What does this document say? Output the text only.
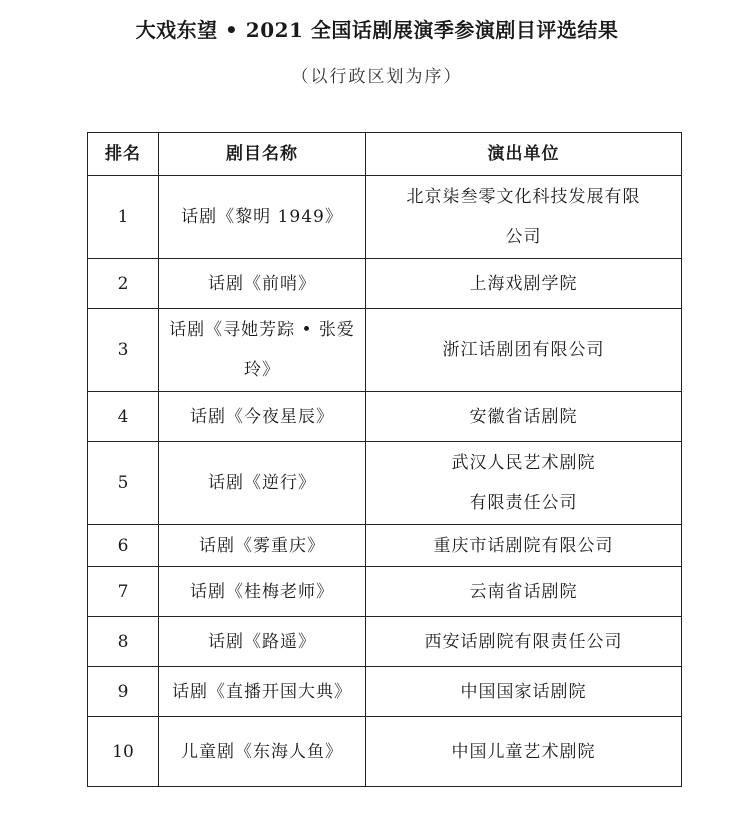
大戏东望 • 2021 全国话剧展演季参演剧目评选结果
（以行政区划为序）
排名	剧目名称	演出单位
1	话剧《黎明 1949》	北京柒叁零文化科技发展有限公司
2	话剧《前哨》	上海戏剧学院
3	话剧《寻她芳踪 • 张爱玲》	浙江话剧团有限公司
4	话剧《今夜星辰》	安徽省话剧院
5	话剧《逆行》	武汉人民艺术剧院有限责任公司
6	话剧《雾重庆》	重庆市话剧院有限公司
7	话剧《桂梅老师》	云南省话剧院
8	话剧《路遥》	西安话剧院有限责任公司
9	话剧《直播开国大典》	中国国家话剧院
10	儿童剧《东海人鱼》	中国儿童艺术剧院
